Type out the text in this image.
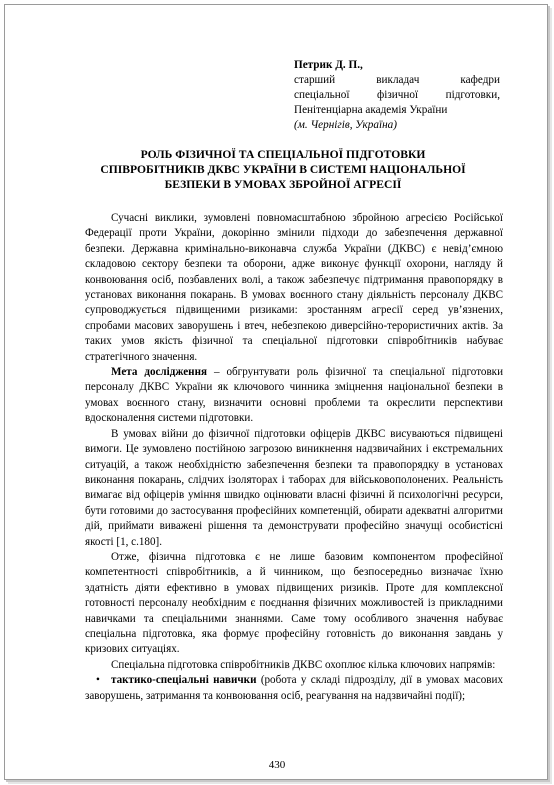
Петрик Д. П.,
старший викладач кафедри
спеціальної фізичної підготовки,
Пенітенціарна академія України
(м. Чернігів, Україна)
РОЛЬ ФІЗИЧНОЇ ТА СПЕЦІАЛЬНОЇ ПІДГОТОВКИ
СПІВРОБІТНИКІВ ДКВС УКРАЇНИ В СИСТЕМІ НАЦІОНАЛЬНОЇ
БЕЗПЕКИ В УМОВАХ ЗБРОЙНОЇ АГРЕСІЇ

Сучасні виклики, зумовлені повномасштабною збройною агресією Російської Федерації проти України, докорінно змінили підходи до забезпечення державної безпеки. Державна кримінально-виконавча служба України (ДКВС) є невід’ємною складовою сектору безпеки та оборони, адже виконує функції охорони, нагляду й конвоювання осіб, позбавлених волі, а також забезпечує підтримання правопорядку в установах виконання покарань. В умовах воєнного стану діяльність персоналу ДКВС супроводжується підвищеними ризиками: зростанням агресії серед ув’язнених, спробами масових заворушень і втеч, небезпекою диверсійно-терористичних актів. За таких умов якість фізичної та спеціальної підготовки співробітників набуває стратегічного значення.

Мета дослідження – обгрунтувати роль фізичної та спеціальної підготовки персоналу ДКВС України як ключового чинника зміцнення національної безпеки в умовах воєнного стану, визначити основні проблеми та окреслити перспективи вдосконалення системи підготовки.

В умовах війни до фізичної підготовки офіцерів ДКВС висуваються підвищені вимоги. Це зумовлено постійною загрозою виникнення надзвичайних і екстремальних ситуацій, а також необхідністю забезпечення безпеки та правопорядку в установах виконання покарань, слідчих ізоляторах і таборах для військовополонених. Реальність вимагає від офіцерів уміння швидко оцінювати власні фізичні й психологічні ресурси, бути готовими до застосування професійних компетенцій, обирати адекватні алгоритми дій, приймати виважені рішення та демонструвати професійно значущі особистісні якості [1, с.180].

Отже, фізична підготовка є не лише базовим компонентом професійної компетентності співробітників, а й чинником, що безпосередньо визначає їхню здатність діяти ефективно в умовах підвищених ризиків. Проте для комплексної готовності персоналу необхідним є поєднання фізичних можливостей із прикладними навичками та спеціальними знаннями. Саме тому особливого значення набуває спеціальна підготовка, яка формує професійну готовність до виконання завдань у кризових ситуаціях.

Спеціальна підготовка співробітників ДКВС охоплює кілька ключових напрямів:

• тактико-спеціальні навички (робота у складі підрозділу, дії в умовах масових заворушень, затримання та конвоювання осіб, реагування на надзвичайні події);

430
